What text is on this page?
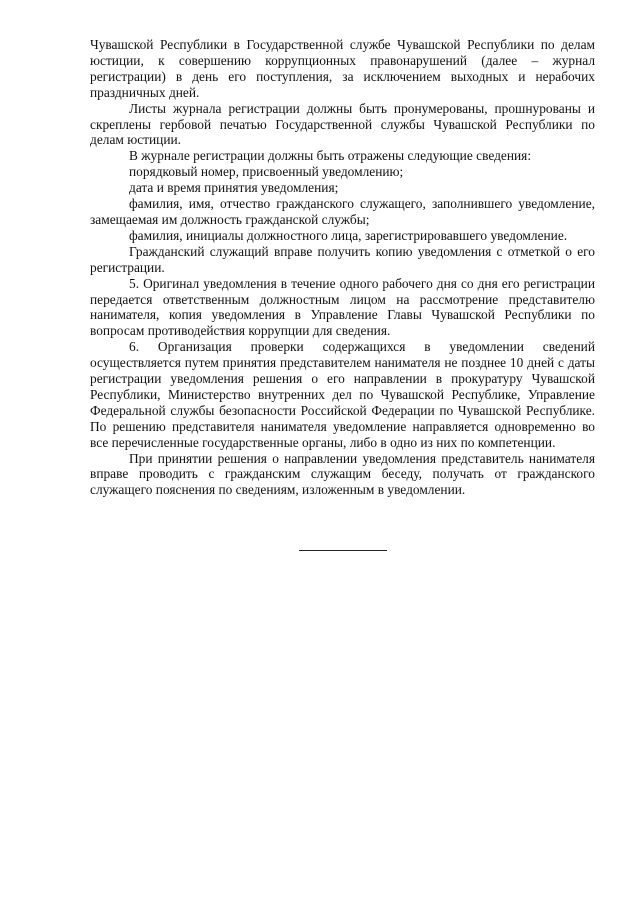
Чувашской Республики в Государственной службе Чувашской Республики по делам юстиции, к совершению коррупционных правонарушений (далее – журнал регистрации) в день его поступления, за исключением выходных и нерабочих праздничных дней.

Листы журнала регистрации должны быть пронумерованы, прошнурованы и скреплены гербовой печатью Государственной службы Чувашской Республики по делам юстиции.

В журнале регистрации должны быть отражены следующие сведения:

порядковый номер, присвоенный уведомлению;

дата и время принятия уведомления;

фамилия, имя, отчество гражданского служащего, заполнившего уведомление, замещаемая им должность гражданской службы;

фамилия, инициалы должностного лица, зарегистрировавшего уведомление.

Гражданский служащий вправе получить копию уведомления с отметкой о его регистрации.

5. Оригинал уведомления в течение одного рабочего дня со дня его регистрации передается ответственным должностным лицом на рассмотрение представителю нанимателя, копия уведомления в Управление Главы Чувашской Республики по вопросам противодействия коррупции для сведения.

6. Организация проверки содержащихся в уведомлении сведений осуществляется путем принятия представителем нанимателя не позднее 10 дней с даты регистрации уведомления решения о его направлении в прокуратуру Чувашской Республики, Министерство внутренних дел по Чувашской Республике, Управление Федеральной службы безопасности Российской Федерации по Чувашской Республике. По решению представителя нанимателя уведомление направляется одновременно во все перечисленные государственные органы, либо в одно из них по компетенции.

При принятии решения о направлении уведомления представитель нанимателя вправе проводить с гражданским служащим беседу, получать от гражданского служащего пояснения по сведениям, изложенным в уведомлении.
